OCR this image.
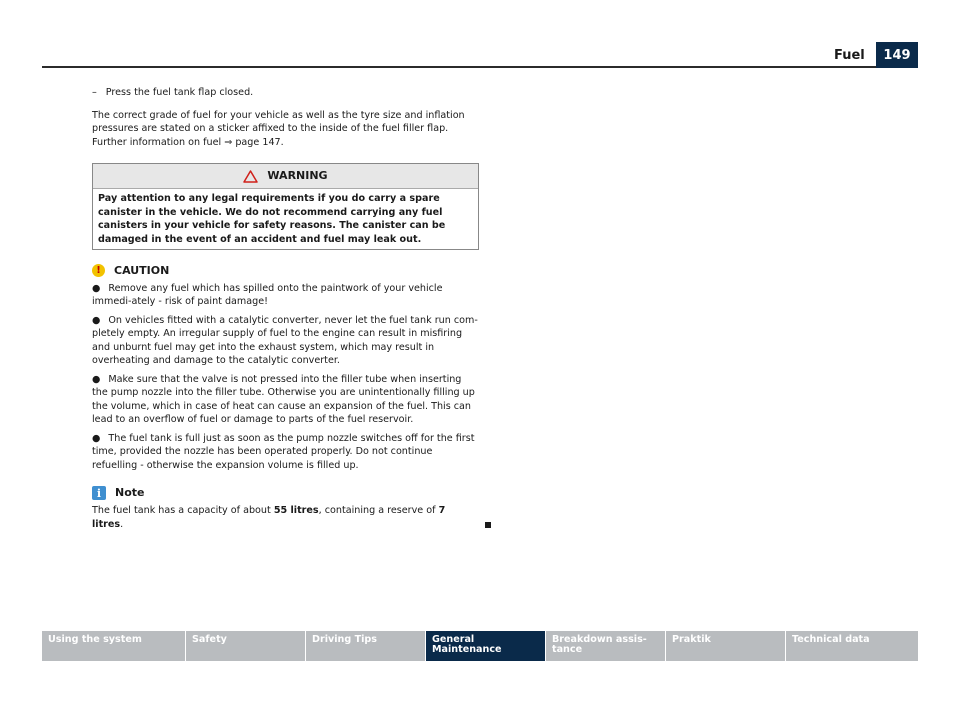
Fuel	149
– Press the fuel tank flap closed.

The correct grade of fuel for your vehicle as well as the tyre size and inflation pressures are stated on a sticker affixed to the inside of the fuel filler flap. Further information on fuel ⇒ page 147.

WARNING
Pay attention to any legal requirements if you do carry a spare canister in the vehicle. We do not recommend carrying any fuel canisters in your vehicle for safety reasons. The canister can be damaged in the event of an accident and fuel may leak out.
!	CAUTION

● Remove any fuel which has spilled onto the paintwork of your vehicle immedi-ately - risk of paint damage!

● On vehicles fitted with a catalytic converter, never let the fuel tank run com-pletely empty. An irregular supply of fuel to the engine can result in misfiring and unburnt fuel may get into the exhaust system, which may result in overheating and damage to the catalytic converter.

● Make sure that the valve is not pressed into the filler tube when inserting the pump nozzle into the filler tube. Otherwise you are unintentionally filling up the volume, which in case of heat can cause an expansion of the fuel. This can lead to an overflow of fuel or damage to parts of the fuel reservoir.

● The fuel tank is full just as soon as the pump nozzle switches off for the first time, provided the nozzle has been operated properly. Do not continue refuelling - otherwise the expansion volume is filled up.

i	Note

The fuel tank has a capacity of about 55 litres, containing a reserve of 7 litres.

Using the system	Safety	Driving Tips	General Maintenance
Breakdown assis-tance
Praktik	Technical data
